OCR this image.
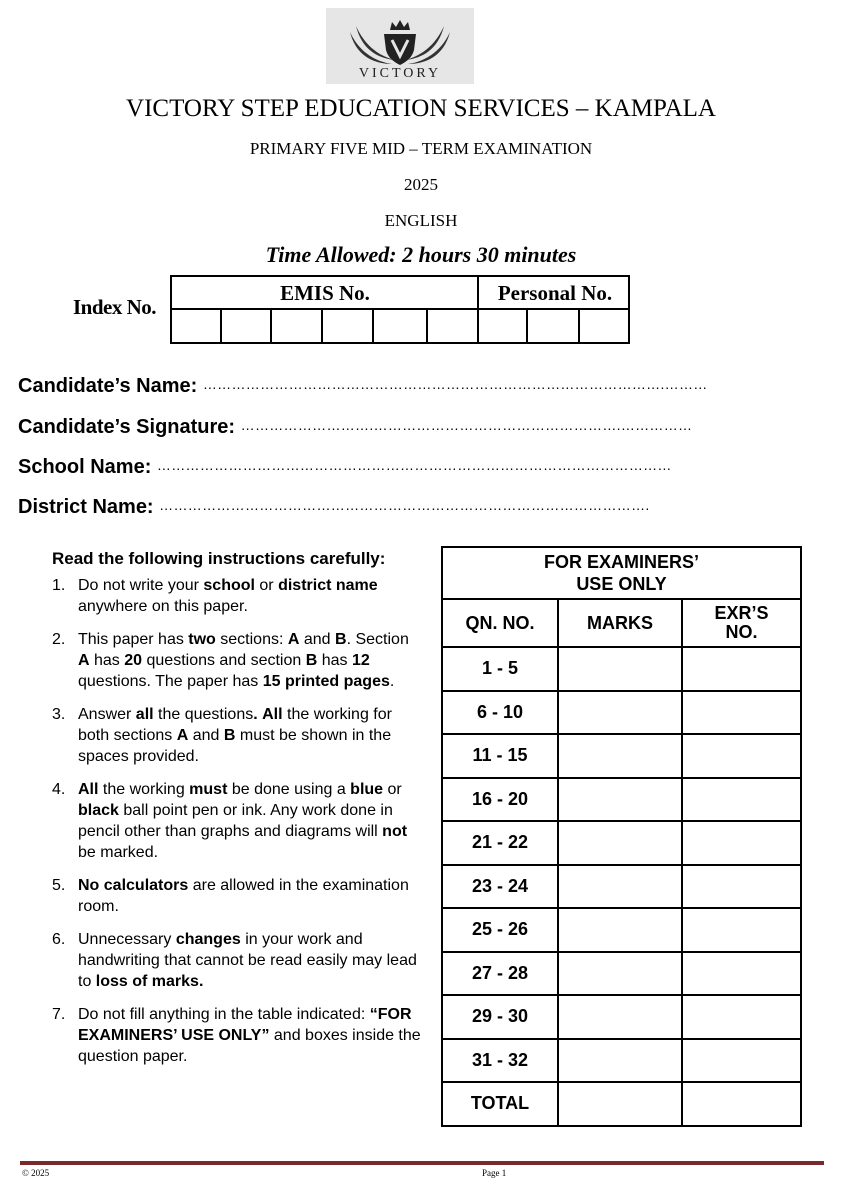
VICTORY
VICTORY STEP EDUCATION SERVICES – KAMPALA
PRIMARY FIVE MID – TERM EXAMINATION
2025
ENGLISH
Time Allowed: 2 hours 30 minutes
Index No.
EMIS No.	Personal No.
Candidate’s Name: …………………………………………………………………………………….………
Candidate’s Signature: ……………………….…………………………………………….……………
School Name: ………………………………………………………………………………………………
District Name: ………………………………………………………………………………………….
Read the following instructions carefully:
1. Do not write your school or district name anywhere on this paper.
2. This paper has two sections: A and B. Section A has 20 questions and section B has 12 questions. The paper has 15 printed pages.
3. Answer all the questions. All the working for both sections A and B must be shown in the spaces provided.
4. All the working must be done using a blue or black ball point pen or ink. Any work done in pencil other than graphs and diagrams will not be marked.
5. No calculators are allowed in the examination room.
6. Unnecessary changes in your work and handwriting that cannot be read easily may lead to loss of marks.
7. Do not fill anything in the table indicated: “FOR EXAMINERS’ USE ONLY” and boxes inside the question paper.
FOR EXAMINERS’
USE ONLY		

QN. NO.	MARKS	EXR’S
NO.

1 - 5		
6 - 10		
11 - 15		
16 - 20		
21 - 22		
23 - 24		
25 - 26		
27 - 28		
29 - 30		
31 - 32		
TOTAL		
© 2025	Page 1
